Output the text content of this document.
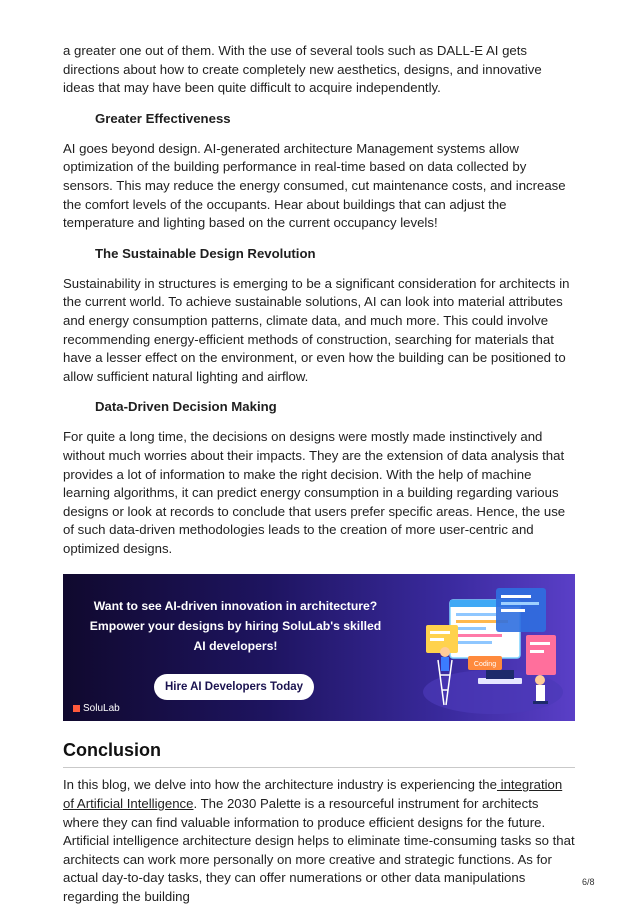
a greater one out of them. With the use of several tools such as DALL-E AI gets directions about how to create completely new aesthetics, designs, and innovative ideas that may have been quite difficult to acquire independently.

Greater Effectiveness

AI goes beyond design. AI-generated architecture Management systems allow optimization of the building performance in real-time based on data collected by sensors. This may reduce the energy consumed, cut maintenance costs, and increase the comfort levels of the occupants. Hear about buildings that can adjust the temperature and lighting based on the current occupancy levels!

The Sustainable Design Revolution

Sustainability in structures is emerging to be a significant consideration for architects in the current world. To achieve sustainable solutions, AI can look into material attributes and energy consumption patterns, climate data, and much more. This could involve recommending energy-efficient methods of construction, searching for materials that have a lesser effect on the environment, or even how the building can be positioned to allow sufficient natural lighting and airflow.

Data-Driven Decision Making

For quite a long time, the decisions on designs were mostly made instinctively and without much worries about their impacts. They are the extension of data analysis that provides a lot of information to make the right decision. With the help of machine learning algorithms, it can predict energy consumption in a building regarding various designs or look at records to conclude that users prefer specific areas. Hence, the use of such data-driven methodologies leads to the creation of more user-centric and optimized designs.

Want to see AI-driven innovation in architecture?
Empower your designs by hiring SoluLab's skilled
AI developers!
Hire AI Developers Today
SoluLab
Coding
Conclusion

In this blog, we delve into how the architecture industry is experiencing the integration of Artificial Intelligence. The 2030 Palette is a resourceful instrument for architects where they can find valuable information to produce efficient designs for the future. Artificial intelligence architecture design helps to eliminate time-consuming tasks so that architects can work more personally on more creative and strategic functions. As for actual day-to-day tasks, they can offer numerations or other data manipulations regarding the building

6/8
